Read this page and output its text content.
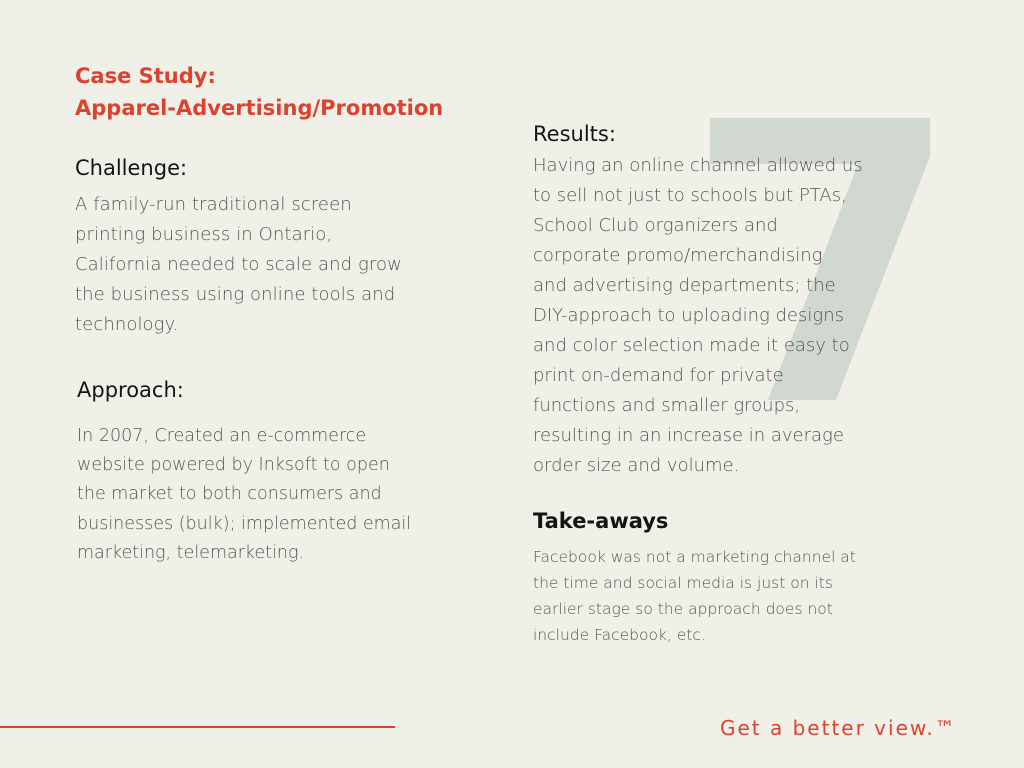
Case Study:
Apparel-Advertising/Promotion
Challenge:
A family-run traditional screen
printing business in Ontario,
California needed to scale and grow
the business using online tools and
technology.
Approach:
In 2007, Created an e-commerce
website powered by Inksoft to open
the market to both consumers and
businesses (bulk); implemented email
marketing, telemarketing.
Results:
Having an online channel allowed us
to sell not just to schools but PTAs,
School Club organizers and
corporate promo/merchandising
and advertising departments; the
DIY-approach to uploading designs
and color selection made it easy to
print on-demand for private
functions and smaller groups,
resulting in an increase in average
order size and volume.
Take-aways
Facebook was not a marketing channel at
the time and social media is just on its
earlier stage so the approach does not
include Facebook, etc.
Get a better view.™
